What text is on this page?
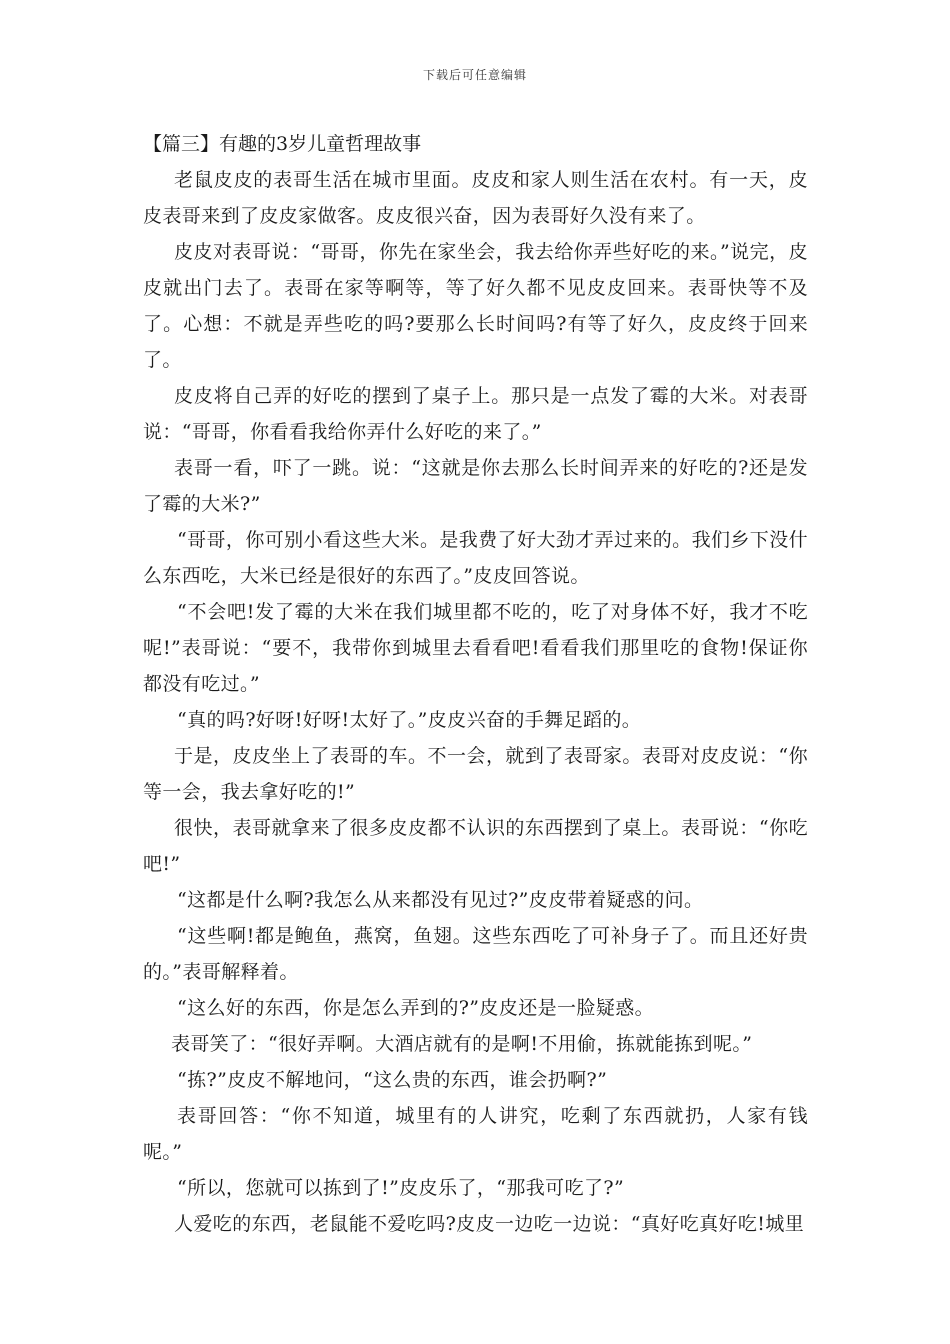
下载后可任意编辑

【篇三】有趣的3岁儿童哲理故事

老鼠皮皮的表哥生活在城市里面。皮皮和家人则生活在农村。有一天，皮皮表哥来到了皮皮家做客。皮皮很兴奋，因为表哥好久没有来了。

皮皮对表哥说：“哥哥，你先在家坐会，我去给你弄些好吃的来。”说完，皮皮就出门去了。表哥在家等啊等，等了好久都不见皮皮回来。表哥快等不及了。心想：不就是弄些吃的吗?要那么长时间吗?有等了好久，皮皮终于回来了。

皮皮将自己弄的好吃的摆到了桌子上。那只是一点发了霉的大米。对表哥说：“哥哥，你看看我给你弄什么好吃的来了。”

表哥一看，吓了一跳。说：“这就是你去那么长时间弄来的好吃的?还是发了霉的大米?”

“哥哥，你可别小看这些大米。是我费了好大劲才弄过来的。我们乡下没什么东西吃，大米已经是很好的东西了。”皮皮回答说。

“不会吧!发了霉的大米在我们城里都不吃的，吃了对身体不好，我才不吃呢!”表哥说：“要不，我带你到城里去看看吧!看看我们那里吃的食物!保证你都没有吃过。”

“真的吗?好呀!好呀!太好了。”皮皮兴奋的手舞足蹈的。

于是，皮皮坐上了表哥的车。不一会，就到了表哥家。表哥对皮皮说：“你等一会，我去拿好吃的!”

很快，表哥就拿来了很多皮皮都不认识的东西摆到了桌上。表哥说：“你吃吧!”

“这都是什么啊?我怎么从来都没有见过?”皮皮带着疑惑的问。

“这些啊!都是鲍鱼，燕窝，鱼翅。这些东西吃了可补身子了。而且还好贵的。”表哥解释着。

“这么好的东西，你是怎么弄到的?”皮皮还是一脸疑惑。

表哥笑了：“很好弄啊。大酒店就有的是啊!不用偷，拣就能拣到呢。”

“拣?”皮皮不解地问，“这么贵的东西，谁会扔啊?”

表哥回答：“你不知道，城里有的人讲究，吃剩了东西就扔，人家有钱呢。”

“所以，您就可以拣到了!”皮皮乐了，“那我可吃了?”

人爱吃的东西，老鼠能不爱吃吗?皮皮一边吃一边说：“真好吃真好吃!城里
